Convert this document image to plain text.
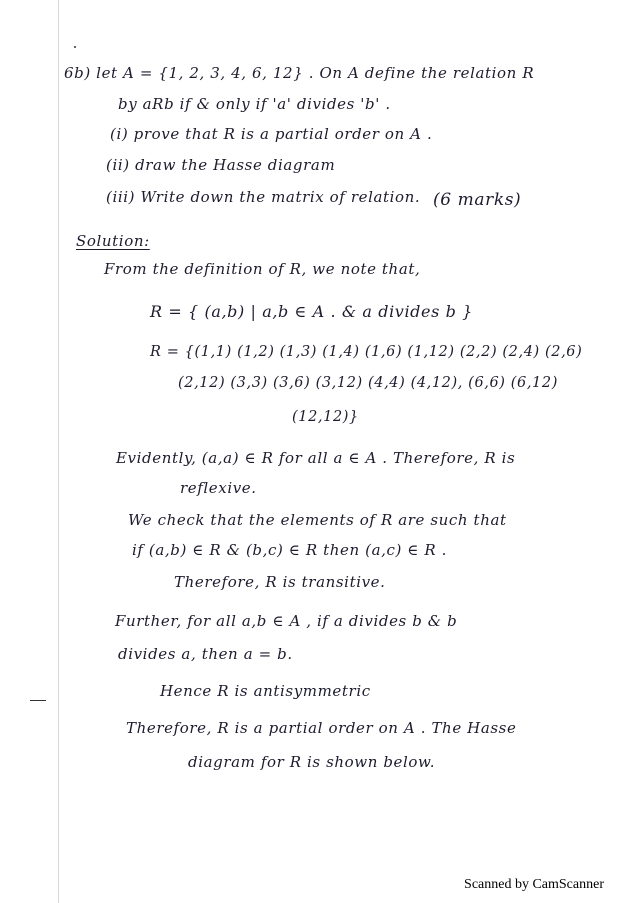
6b) let A = {1, 2, 3, 4, 6, 12} . On A define the relation R
by aRb if & only if 'a' divides 'b' .
(i) prove that R is a partial order on A .
(ii) draw the Hasse diagram
(iii) Write down the matrix of relation. (6 marks)
Solution:
From the definition of R, we note that,
R = { (a,b) | a,b ∈ A . & a divides b }
R = {(1,1) (1,2) (1,3) (1,4) (1,6) (1,12) (2,2) (2,4) (2,6)
(2,12) (3,3) (3,6) (3,12) (4,4) (4,12), (6,6) (6,12)
(12,12)}
Evidently, (a,a) ∈ R for all a ∈ A . Therefore, R is
reflexive.
We check that the elements of R are such that
if (a,b) ∈ R & (b,c) ∈ R then (a,c) ∈ R .
Therefore, R is transitive.
Further, for all a,b ∈ A , if a divides b & b
divides a, then a = b.
Hence R is antisymmetric
Therefore, R is a partial order on A . The Hasse
diagram for R is shown below.
Scanned by CamScanner
